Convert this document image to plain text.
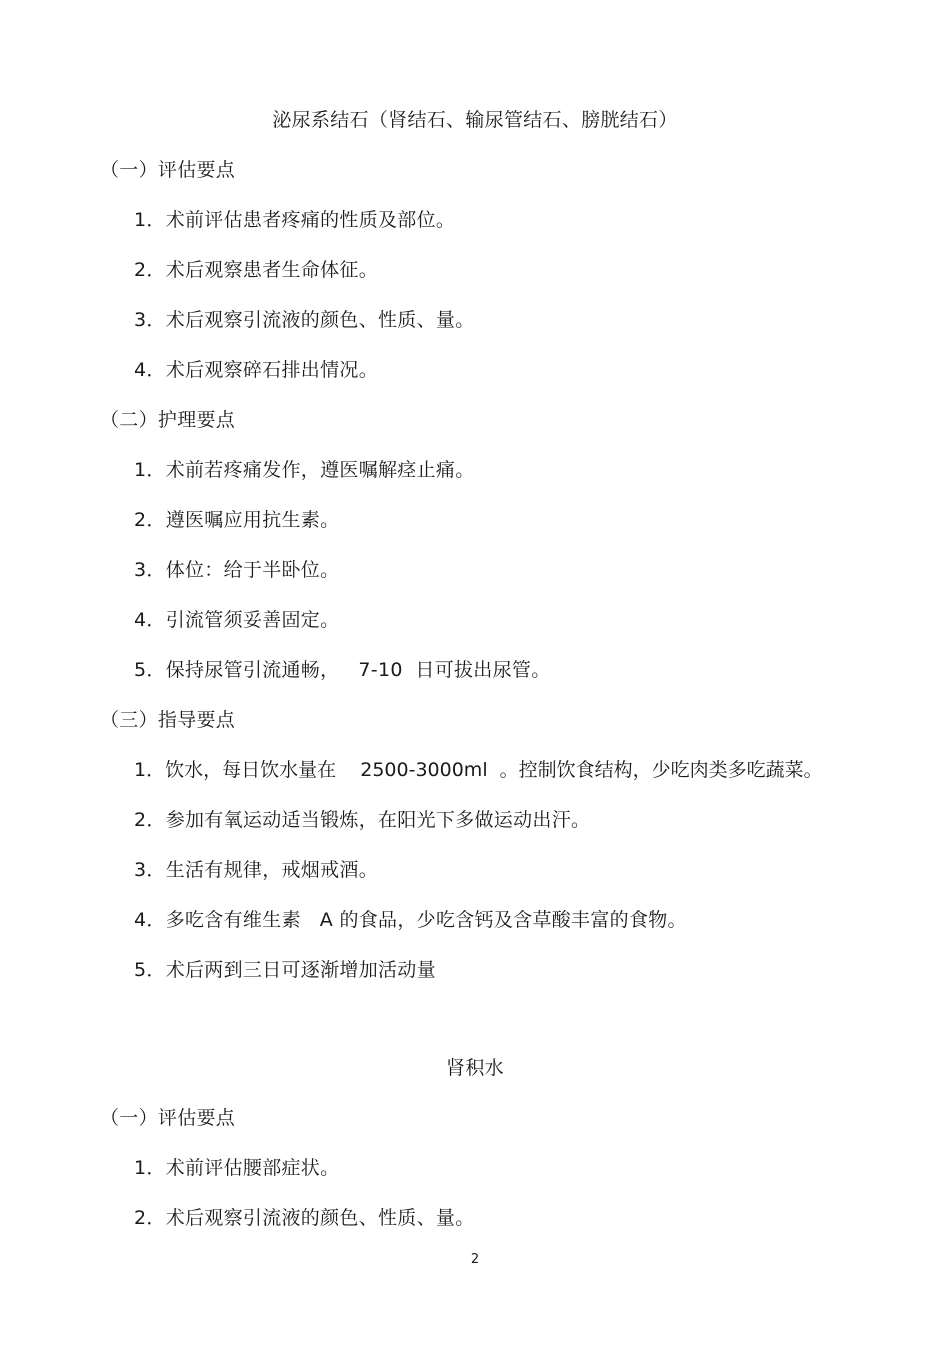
泌尿系结石（肾结石、输尿管结石、膀胱结石）
（一）评估要点
1．术前评估患者疼痛的性质及部位。
2．术后观察患者生命体征。
3．术后观察引流液的颜色、性质、量。
4．术后观察碎石排出情况。
（二）护理要点
1．术前若疼痛发作，遵医嘱解痉止痛。
2．遵医嘱应用抗生素。
3．体位：给于半卧位。
4．引流管须妥善固定。
5．保持尿管引流通畅，   7-10  日可拔出尿管。
（三）指导要点
1．饮水，每日饮水量在    2500-3000ml  。控制饮食结构，少吃肉类多吃蔬菜。
2．参加有氧运动适当锻炼，在阳光下多做运动出汗。
3．生活有规律，戒烟戒酒。
4．多吃含有维生素   A 的食品，少吃含钙及含草酸丰富的食物。
5．术后两到三日可逐渐增加活动量
肾积水
（一）评估要点
1．术前评估腰部症状。
2．术后观察引流液的颜色、性质、量。
2
